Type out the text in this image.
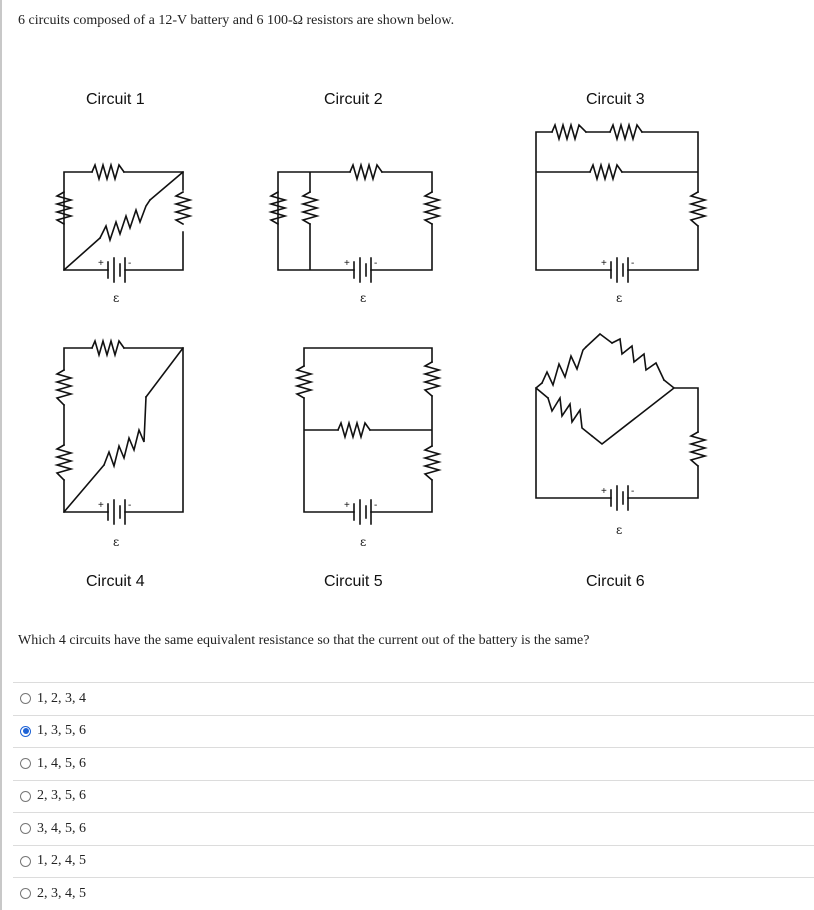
6 circuits composed of a 12-V battery and 6 100-Ω resistors are shown below.
Circuit 1	Circuit 2	Circuit 3
Circuit 4	Circuit 5	Circuit 6
+ -
ε
+ -
ε
+ -
ε
+ -
ε
+ -
ε
+ -
ε
Which 4 circuits have the same equivalent resistance so that the current out of the battery is the same?
1, 2, 3, 4
1, 3, 5, 6
1, 4, 5, 6
2, 3, 5, 6
3, 4, 5, 6
1, 2, 4, 5
2, 3, 4, 5
